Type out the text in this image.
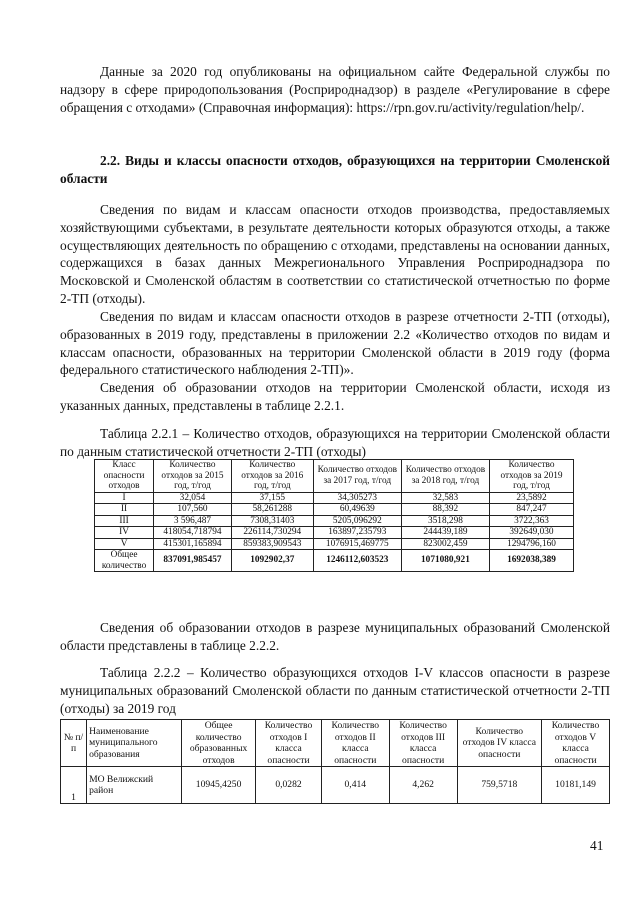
Данные за 2020 год опубликованы на официальном сайте Федеральной службы по надзору в сфере природопользования (Росприроднадзор) в разделе «Регулирование в сфере обращения с отходами» (Справочная информация): https://rpn.gov.ru/activity/regulation/help/.

2.2. Виды и классы опасности отходов, образующихся на территории Смоленской области

Сведения по видам и классам опасности отходов производства, предоставляемых хозяйствующими субъектами, в результате деятельности которых образуются отходы, а также осуществляющих деятельность по обращению с отходами, представлены на основании данных, содержащихся в базах данных Межрегионального Управления Росприроднадзора по Московской и Смоленской областям в соответствии со статистической отчетностью по форме 2-ТП (отходы).

Сведения по видам и классам опасности отходов в разрезе отчетности 2-ТП (отходы), образованных в 2019 году, представлены в приложении 2.2 «Количество отходов по видам и классам опасности, образованных на территории Смоленской области в 2019 году (форма федерального статистического наблюдения 2-ТП)».

Сведения об образовании отходов на территории Смоленской области, исходя из указанных данных, представлены в таблице 2.2.1.

Таблица 2.2.1 – Количество отходов, образующихся на территории Смоленской области по данным статистической отчетности 2-ТП (отходы)

Класс опасности отходов	Количество отходов за 2015 год, т/год	Количество отходов за 2016 год, т/год	Количество отходов за 2017 год, т/год	Количество отходов за 2018 год, т/год	Количество отходов за 2019 год, т/год
I	32,054	37,155	34,305273	32,583	23,5892
II	107,560	58,261288	60,49639	88,392	847,247
III	3 596,487	7308,31403	5205,096292	3518,298	3722,363
IV	418054,718794	226114,730294	163897,235793	244439,189	392649,030
V	415301,165894	859383,909543	1076915,469775	823002,459	1294796,160
Общее количество	837091,985457	1092902,37	1246112,603523	1071080,921	1692038,389

Сведения об образовании отходов в разрезе муниципальных образований Смоленской области представлены в таблице 2.2.2.

Таблица 2.2.2 – Количество образующихся отходов I-V классов опасности в разрезе муниципальных образований Смоленской области по данным статистической отчетности 2-ТП (отходы) за 2019 год

№ п/п	Наименование муниципального образования	Общее количество образованных отходов	Количество отходов I класса опасности	Количество отходов II класса опасности	Количество отходов III класса опасности	Количество отходов IV класса опасности	Количество отходов V класса опасности
1	МО Велижский район	10945,4250	0,0282	0,414	4,262	759,5718	10181,149
41
